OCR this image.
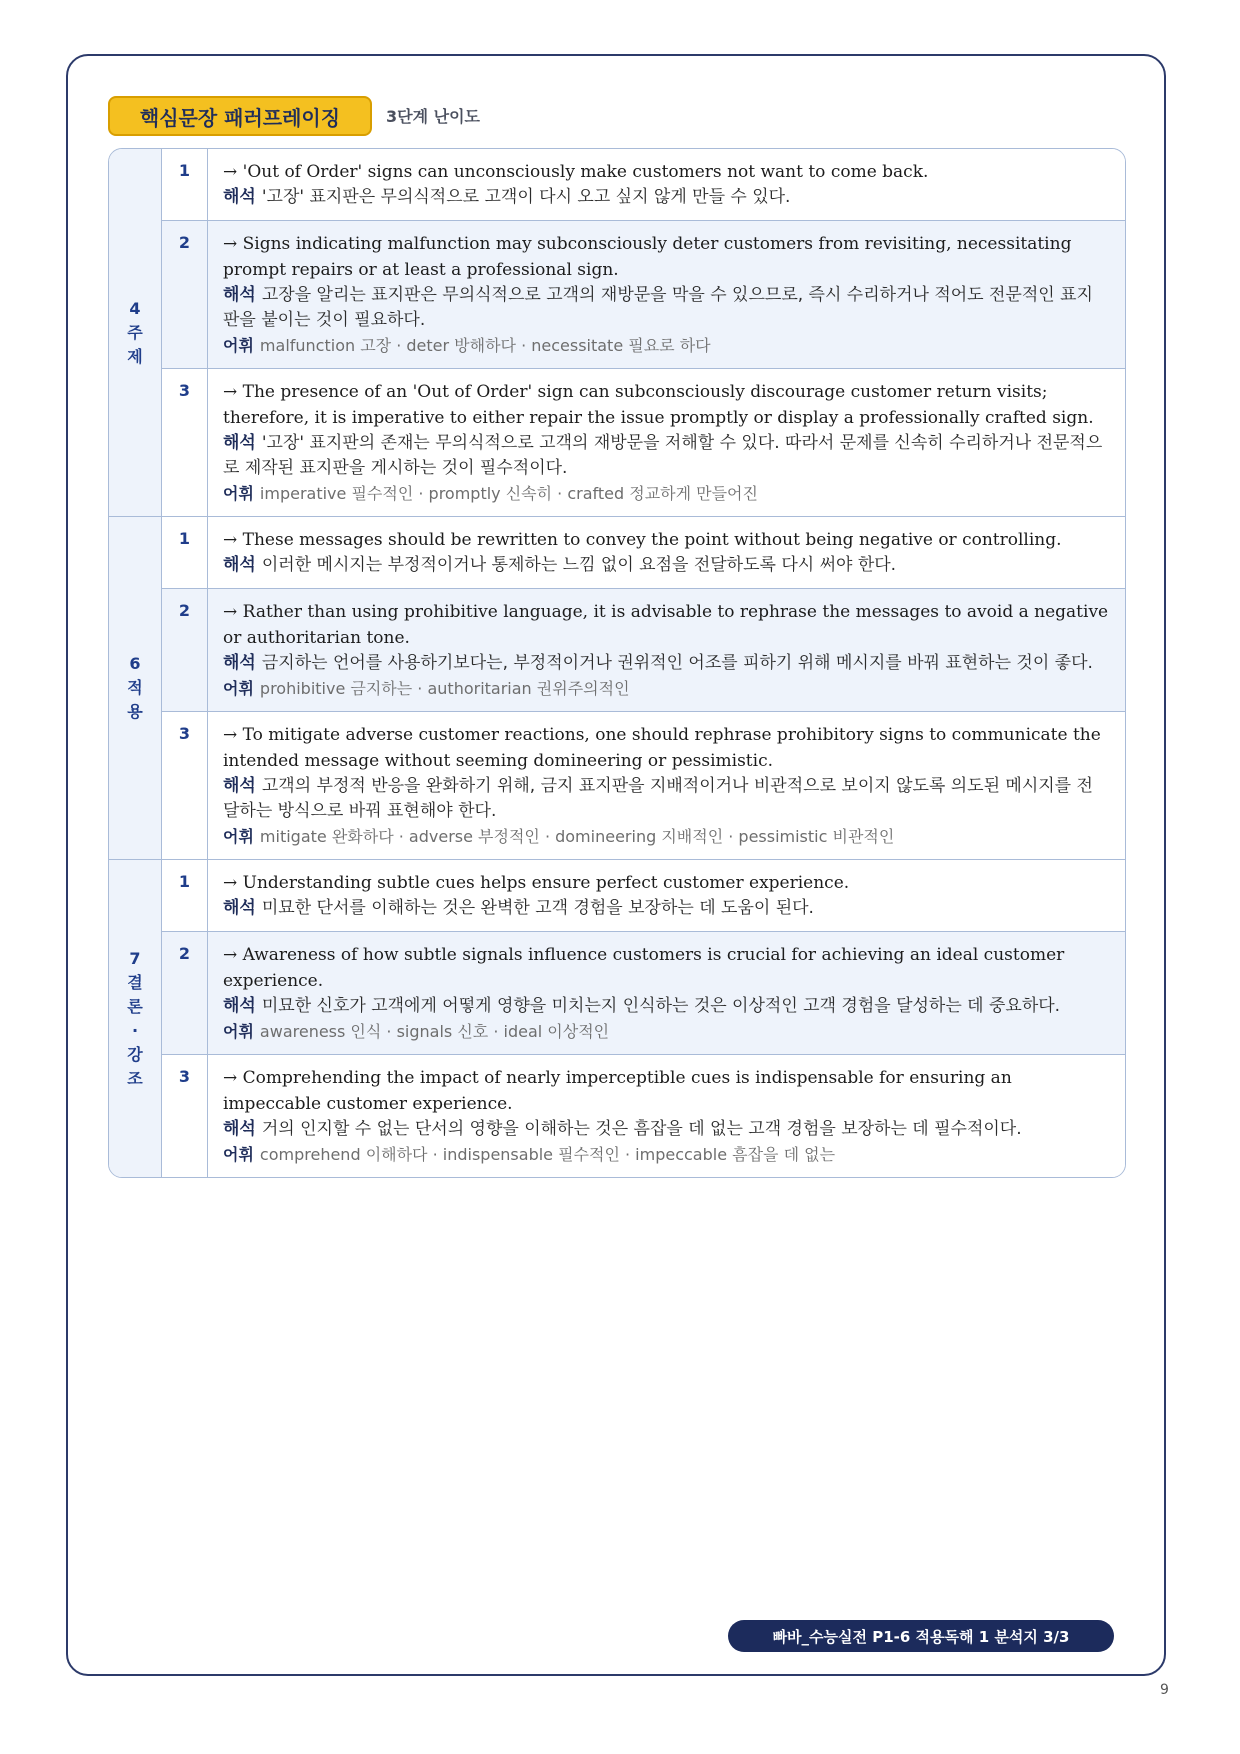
핵심문장 패러프레이징	3단계 난이도
4주제
1	→ 'Out of Order' signs can unconsciously make customers not want to come back.
해석 '고장' 표지판은 무의식적으로 고객이 다시 오고 싶지 않게 만들 수 있다.
2	→ Signs indicating malfunction may subconsciously deter customers from revisiting, necessitating prompt repairs or at least a professional sign.
해석 고장을 알리는 표지판은 무의식적으로 고객의 재방문을 막을 수 있으므로, 즉시 수리하거나 적어도 전문적인 표지판을 붙이는 것이 필요하다.
어휘 malfunction 고장 · deter 방해하다 · necessitate 필요로 하다
3	→ The presence of an 'Out of Order' sign can subconsciously discourage customer return visits; therefore, it is imperative to either repair the issue promptly or display a professionally crafted sign.
해석 '고장' 표지판의 존재는 무의식적으로 고객의 재방문을 저해할 수 있다. 따라서 문제를 신속히 수리하거나 전문적으로 제작된 표지판을 게시하는 것이 필수적이다.
어휘 imperative 필수적인 · promptly 신속히 · crafted 정교하게 만들어진
6적용
1	→ These messages should be rewritten to convey the point without being negative or controlling.
해석 이러한 메시지는 부정적이거나 통제하는 느낌 없이 요점을 전달하도록 다시 써야 한다.
2	→ Rather than using prohibitive language, it is advisable to rephrase the messages to avoid a negative or authoritarian tone.
해석 금지하는 언어를 사용하기보다는, 부정적이거나 권위적인 어조를 피하기 위해 메시지를 바꿔 표현하는 것이 좋다.
어휘 prohibitive 금지하는 · authoritarian 권위주의적인
3	→ To mitigate adverse customer reactions, one should rephrase prohibitory signs to communicate the intended message without seeming domineering or pessimistic.
해석 고객의 부정적 반응을 완화하기 위해, 금지 표지판을 지배적이거나 비관적으로 보이지 않도록 의도된 메시지를 전달하는 방식으로 바꿔 표현해야 한다.
어휘 mitigate 완화하다 · adverse 부정적인 · domineering 지배적인 · pessimistic 비관적인
7결론·강조
1	→ Understanding subtle cues helps ensure perfect customer experience.
해석 미묘한 단서를 이해하는 것은 완벽한 고객 경험을 보장하는 데 도움이 된다.
2	→ Awareness of how subtle signals influence customers is crucial for achieving an ideal customer experience.
해석 미묘한 신호가 고객에게 어떻게 영향을 미치는지 인식하는 것은 이상적인 고객 경험을 달성하는 데 중요하다.
어휘 awareness 인식 · signals 신호 · ideal 이상적인
3	→ Comprehending the impact of nearly imperceptible cues is indispensable for ensuring an impeccable customer experience.
해석 거의 인지할 수 없는 단서의 영향을 이해하는 것은 흠잡을 데 없는 고객 경험을 보장하는 데 필수적이다.
어휘 comprehend 이해하다 · indispensable 필수적인 · impeccable 흠잡을 데 없는
빠바_수능실전 P1-6 적용독해 1 분석지 3/3
9
